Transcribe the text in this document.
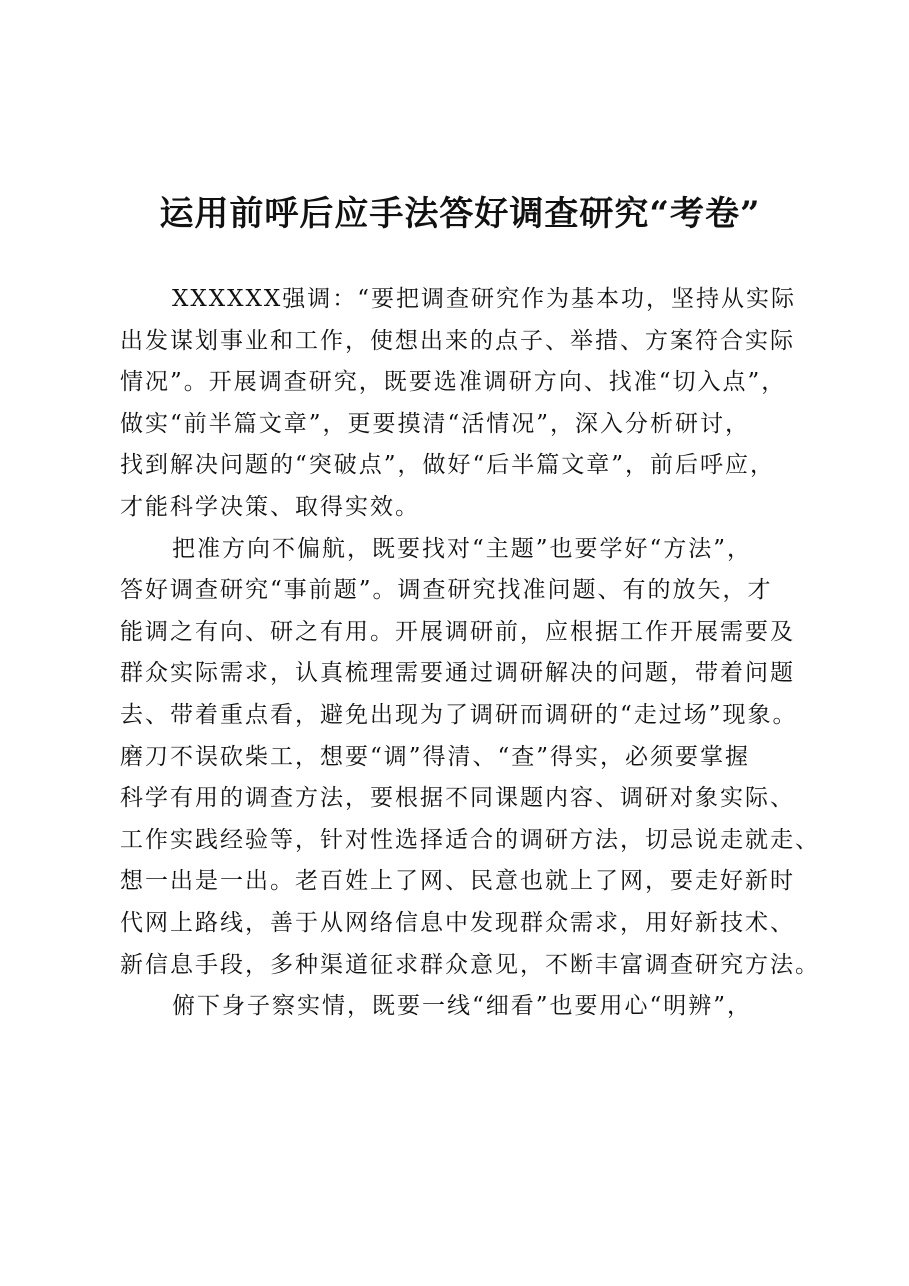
运用前呼后应手法答好调查研究“考卷”

XXXXXX强调：“要把调查研究作为基本功，坚持从实际
出发谋划事业和工作，使想出来的点子、举措、方案符合实际
情况”。开展调查研究，既要选准调研方向、找准“切入点”，
做实“前半篇文章”，更要摸清“活情况”，深入分析研讨，
找到解决问题的“突破点”，做好“后半篇文章”，前后呼应，
才能科学决策、取得实效。

把准方向不偏航，既要找对“主题”也要学好“方法”，
答好调查研究“事前题”。调查研究找准问题、有的放矢，才
能调之有向、研之有用。开展调研前，应根据工作开展需要及
群众实际需求，认真梳理需要通过调研解决的问题，带着问题
去、带着重点看，避免出现为了调研而调研的“走过场”现象。
磨刀不误砍柴工，想要“调”得清、“查”得实，必须要掌握
科学有用的调查方法，要根据不同课题内容、调研对象实际、
工作实践经验等，针对性选择适合的调研方法，切忌说走就走、
想一出是一出。老百姓上了网、民意也就上了网，要走好新时
代网上路线，善于从网络信息中发现群众需求，用好新技术、
新信息手段，多种渠道征求群众意见，不断丰富调查研究方法。

俯下身子察实情，既要一线“细看”也要用心“明辨”，
